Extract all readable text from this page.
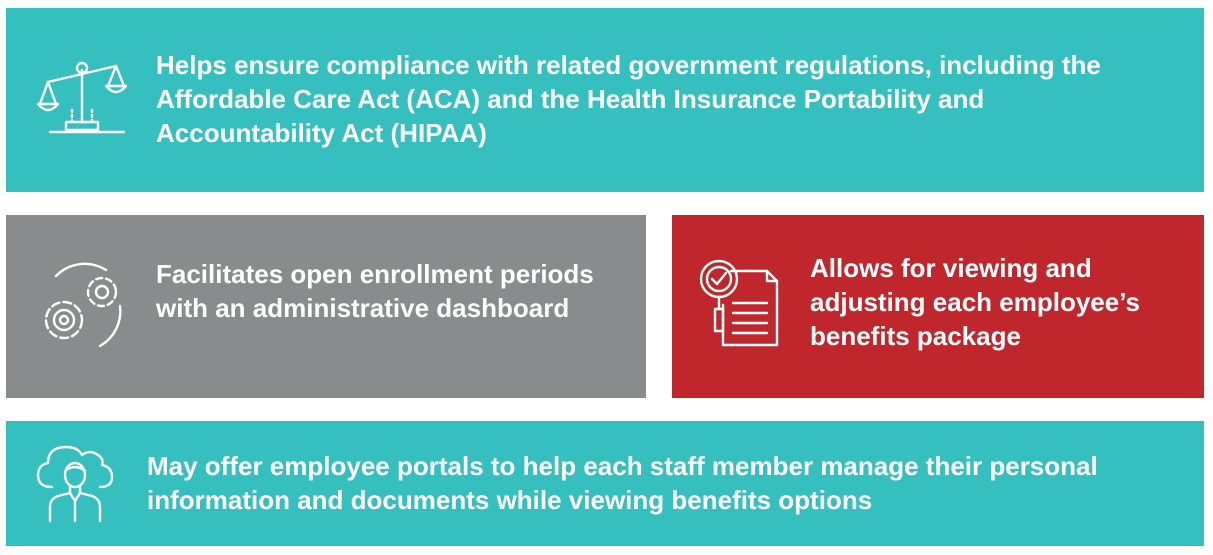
Helps ensure compliance with related government regulations, including the Affordable Care Act (ACA) and the Health Insurance Portability and Accountability Act (HIPAA)

Facilitates open enrollment periods with an administrative dashboard

Allows for viewing and adjusting each employee’s benefits package

May offer employee portals to help each staff member manage their personal information and documents while viewing benefits options
